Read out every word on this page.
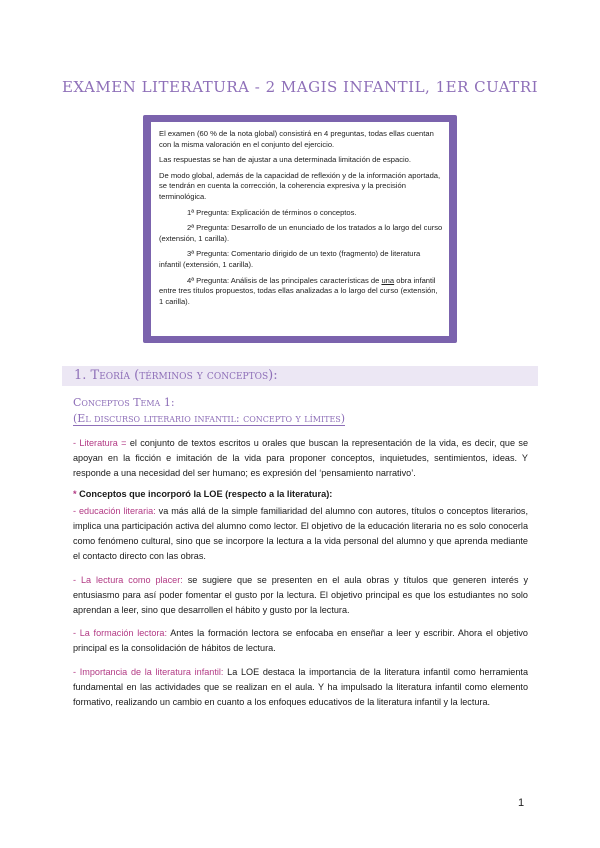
EXAMEN LITERATURA - 2 MAGIS INFANTIL, 1ER CUATRI

El examen (60 % de la nota global) consistirá en 4 preguntas, todas ellas cuentan con la misma valoración en el conjunto del ejercicio.

Las respuestas se han de ajustar a una determinada limitación de espacio.

De modo global, además de la capacidad de reflexión y de la información aportada, se tendrán en cuenta la corrección, la coherencia expresiva y la precisión terminológica.

1ª Pregunta: Explicación de términos o conceptos.

2ª Pregunta: Desarrollo de un enunciado de los tratados a lo largo del curso (extensión, 1 carilla).

3ª Pregunta: Comentario dirigido de un texto (fragmento) de literatura infantil (extensión, 1 carilla).

4ª Pregunta: Análisis de las principales características de una obra infantil entre tres títulos propuestos, todas ellas analizadas a lo largo del curso (extensión, 1 carilla).

1. Teoría (términos y conceptos):
Conceptos Tema 1:
(El discurso literario infantil: concepto y límites)
- Literatura = el conjunto de textos escritos u orales que buscan la representación de la vida, es decir, que se apoyan en la ficción e imitación de la vida para proponer conceptos, inquietudes, sentimientos, ideas. Y responde a una necesidad del ser humano; es expresión del ‘pensamiento narrativo’.
* Conceptos que incorporó la LOE (respecto a la literatura):
- educación literaria: va más allá de la simple familiaridad del alumno con autores, títulos o conceptos literarios, implica una participación activa del alumno como lector. El objetivo de la educación literaria no es solo conocerla como fenómeno cultural, sino que se incorpore la lectura a la vida personal del alumno y que aprenda mediante el contacto directo con las obras.
- La lectura como placer: se sugiere que se presenten en el aula obras y títulos que generen interés y entusiasmo para así poder fomentar el gusto por la lectura. El objetivo principal es que los estudiantes no solo aprendan a leer, sino que desarrollen el hábito y gusto por la lectura.
- La formación lectora: Antes la formación lectora se enfocaba en enseñar a leer y escribir. Ahora el objetivo principal es la consolidación de hábitos de lectura.
- Importancia de la literatura infantil: La LOE destaca la importancia de la literatura infantil como herramienta fundamental en las actividades que se realizan en el aula. Y ha impulsado la literatura infantil como elemento formativo, realizando un cambio en cuanto a los enfoques educativos de la literatura infantil y la lectura.
1
